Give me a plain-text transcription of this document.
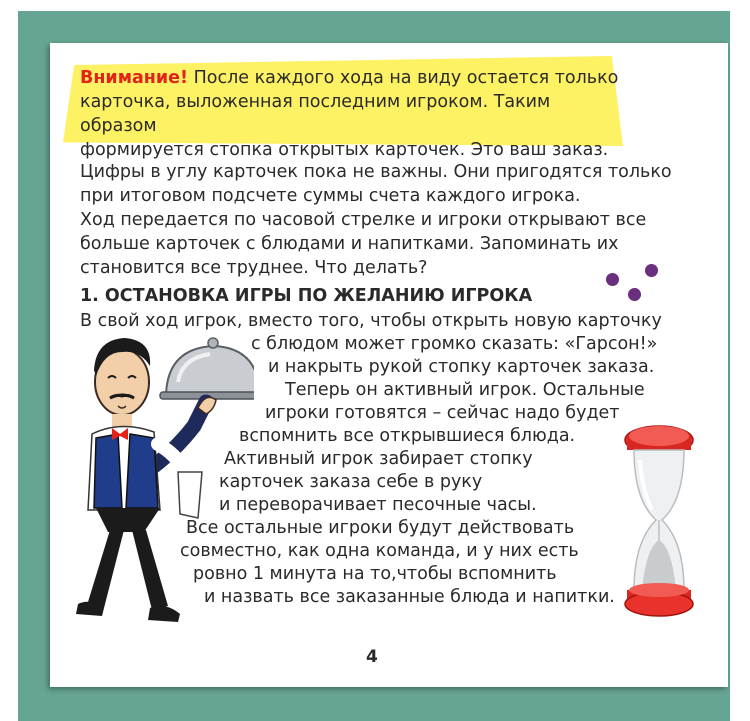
Внимание! После каждого хода на виду остается только
карточка, выложенная последним игроком. Таким образом
формируется стопка открытых карточек. Это ваш заказ.
Цифры в углу карточек пока не важны. Они пригодятся только
при итоговом подсчете суммы счета каждого игрока.
Ход передается по часовой стрелке и игроки открывают все
больше карточек с блюдами и напитками. Запоминать их
становится все труднее. Что делать?
1. ОСТАНОВКА ИГРЫ ПО ЖЕЛАНИЮ ИГРОКА
В свой ход игрок, вместо того, чтобы открыть новую карточку
с блюдом может громко сказать: «Гарсон!»
и накрыть рукой стопку карточек заказа.
Теперь он активный игрок. Остальные
игроки готовятся – сейчас надо будет
вспомнить все открывшиеся блюда.
Активный игрок забирает стопку
карточек заказа себе в руку
и переворачивает песочные часы.
Все остальные игроки будут действовать
совместно, как одна команда, и у них есть
ровно 1 минута на то,чтобы вспомнить
и назвать все заказанные блюда и напитки.
4
